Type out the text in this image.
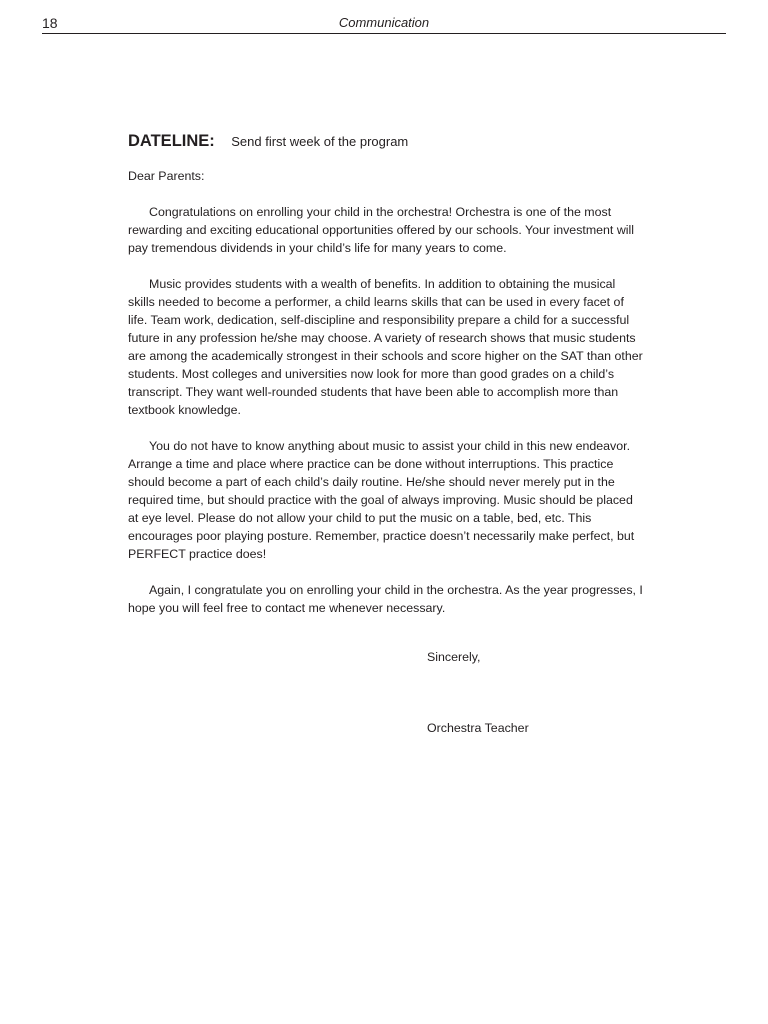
18	Communication
DATELINE: Send first week of the program

Dear Parents:

Congratulations on enrolling your child in the orchestra! Orchestra is one of the most rewarding and exciting educational opportunities offered by our schools. Your investment will pay tremendous dividends in your child’s life for many years to come.

Music provides students with a wealth of benefits. In addition to obtaining the musical skills needed to become a performer, a child learns skills that can be used in every facet of life. Team work, dedication, self-discipline and responsibility prepare a child for a successful future in any profession he/she may choose. A variety of research shows that music students are among the academically strongest in their schools and score higher on the SAT than other students. Most colleges and universities now look for more than good grades on a child’s transcript. They want well-rounded students that have been able to accomplish more than textbook knowledge.

You do not have to know anything about music to assist your child in this new endeavor. Arrange a time and place where practice can be done without interruptions. This practice should become a part of each child’s daily routine. He/she should never merely put in the required time, but should practice with the goal of always improving. Music should be placed at eye level. Please do not allow your child to put the music on a table, bed, etc. This encourages poor playing posture. Remember, practice doesn’t necessarily make perfect, but PERFECT practice does!

Again, I congratulate you on enrolling your child in the orchestra. As the year progresses, I hope you will feel free to contact me whenever necessary.

Sincerely,
Orchestra Teacher
